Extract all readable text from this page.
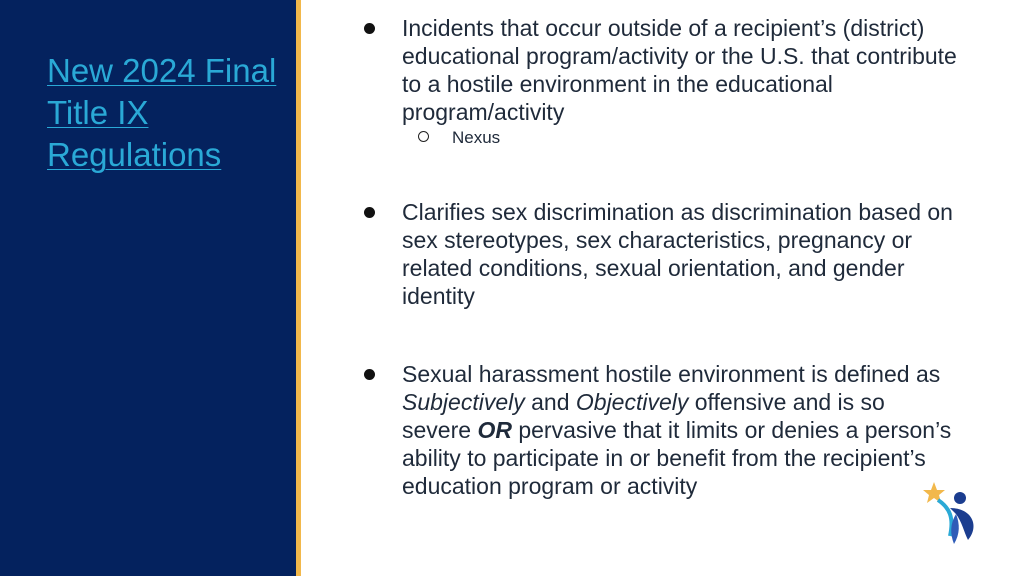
New 2024 Final Title IX Regulations
Incidents that occur outside of a recipient’s (district) educational program/activity or the U.S. that contribute to a hostile environment in the educational program/activity
Nexus
Clarifies sex discrimination as discrimination based on sex stereotypes, sex characteristics, pregnancy or related conditions, sexual orientation, and gender identity
Sexual harassment hostile environment is defined as Subjectively and Objectively offensive and is so severe OR pervasive that it limits or denies a person’s ability to participate in or benefit from the recipient’s education program or activity
